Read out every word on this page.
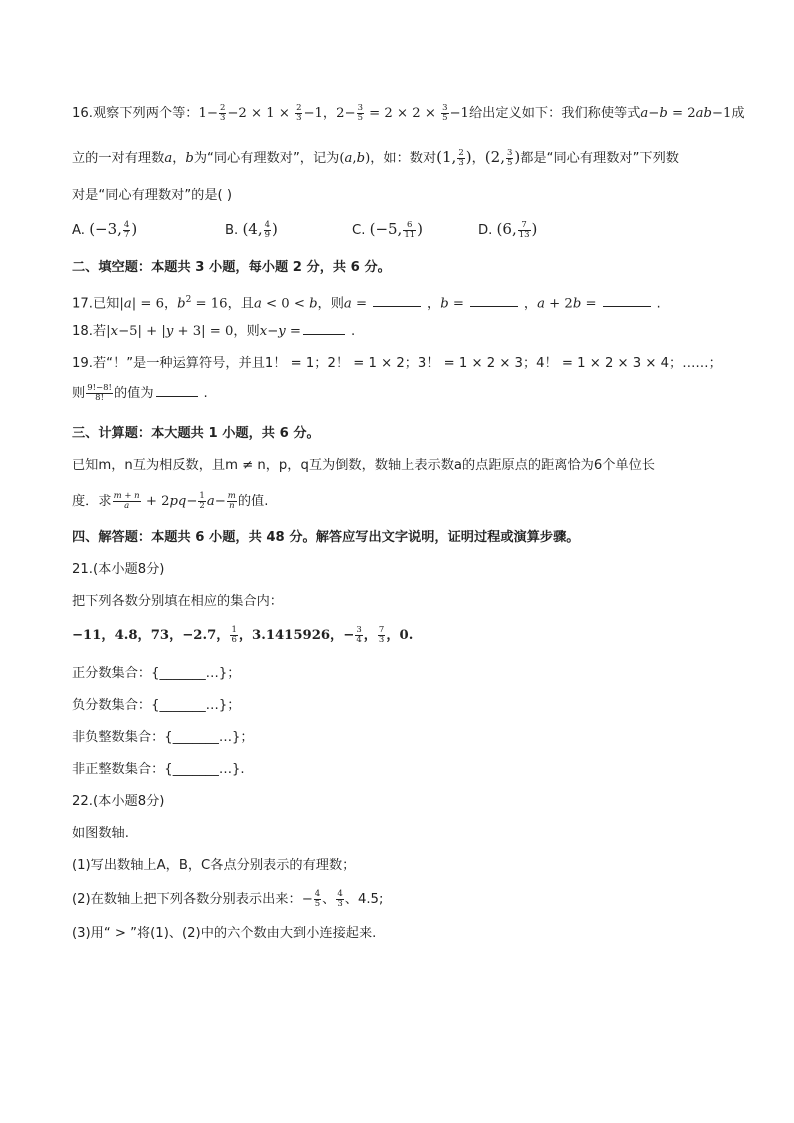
16.观察下列两个等：$1- \frac{2}{3} -2 \times 1 \times \frac{2}{3} -1$，$2- \frac{3}{5} = 2 \times 2 \times \frac{3}{5} -1$给出定义如下：我们称使等式a−b = 2ab−1成
立的一对有理数a，b为“同心有理数对”，记为(a,b)，如：数对(1, $\frac{2}{3}$ )，(2, $\frac{3}{5}$ )都是“同心有理数对”下列数
对是“同心有理数对”的是( )
A. (−3, $\frac{4}{7}$ )	B. (4, $\frac{4}{9}$ )	C. (−5, $\frac{6}{11}$ )	D. (6, $\frac{7}{13}$ )
二、填空题：本题共 3 小题，每小题 2 分，共 6 分。
17.已知|a| = 6，$b^2 = 16$，且a < 0 < b，则a =	，b =	，a + 2b =	.
18.若|x−5| + |y + 3| = 0，则x−y =	.
19.若“！”是一种运算符号，并且1！ = 1；2！ = 1 × 2；3！ = 1 × 2 × 3；4！ = 1 × 2 × 3 × 4；……；
则 $\frac{9!-8!}{8!}$ 的值为	.
三、计算题：本大题共 1 小题，共 6 分。
已知m，n互为相反数，且m ≠ n，p，q互为倒数，数轴上表示数a的点距原点的距离恰为6个单位长
度．求 $\frac{m + n}{a} + 2pq- \frac{1}{2} a- \frac{m}{n}$ 的值.
四、解答题：本题共 6 小题，共 48 分。解答应写出文字说明，证明过程或演算步骤。
21.(本小题8分)
把下列各数分别填在相应的集合内：
−11，4.8，73，−2.7， $\frac{1}{6}$ ，3.1415926，− $\frac{3}{4}$ ， $\frac{7}{3}$ ，0.
正分数集合：{_______…}；
负分数集合：{_______…}；
非负整数集合：{_______…}；
非正整数集合：{_______…}.
22.(本小题8分)
如图数轴.
(1)写出数轴上A，B，C各点分别表示的有理数；
(2)在数轴上把下列各数分别表示出来：− $\frac{4}{5}$ 、 $\frac{4}{3}$ 、4.5;
(3)用“ > ”将(1)、(2)中的六个数由大到小连接起来.
